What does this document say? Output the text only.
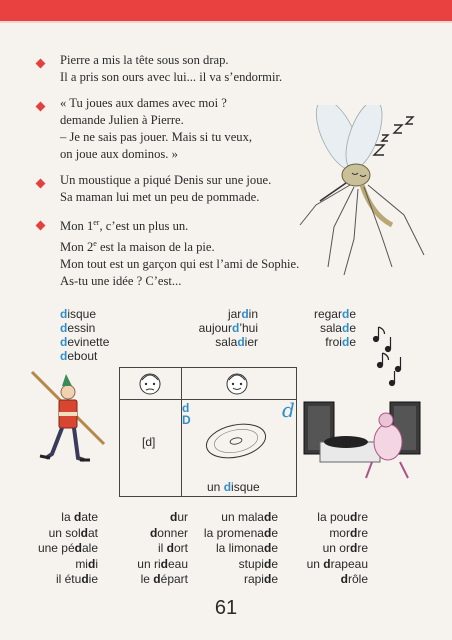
Pierre a mis la tête sous son drap.
Il a pris son ours avec lui... il va s’endormir.
« Tu joues aux dames avec moi ?
demande Julien à Pierre.
– Je ne sais pas jouer. Mais si tu veux,
on joue aux dominos. »
Un moustique a piqué Denis sur une joue.
Sa maman lui met un peu de pommade.
Mon 1er, c’est un plus un.
Mon 2e est la maison de la pie.
Mon tout est un garçon qui est l’ami de Sophie.
As-tu une idée ? C’est...
disque
dessin
devinette
debout
jardin
aujourd’hui
saladier
regarde
salade
froide
[d]
d
D	d
un disque
la date
un soldat
une pédale
midi
il étudie
dur
donner
il dort
un rideau
le départ
un malade
la promenade
la limonade
stupide
rapide
la poudre
mordre
un ordre
un drapeau
drôle
61
